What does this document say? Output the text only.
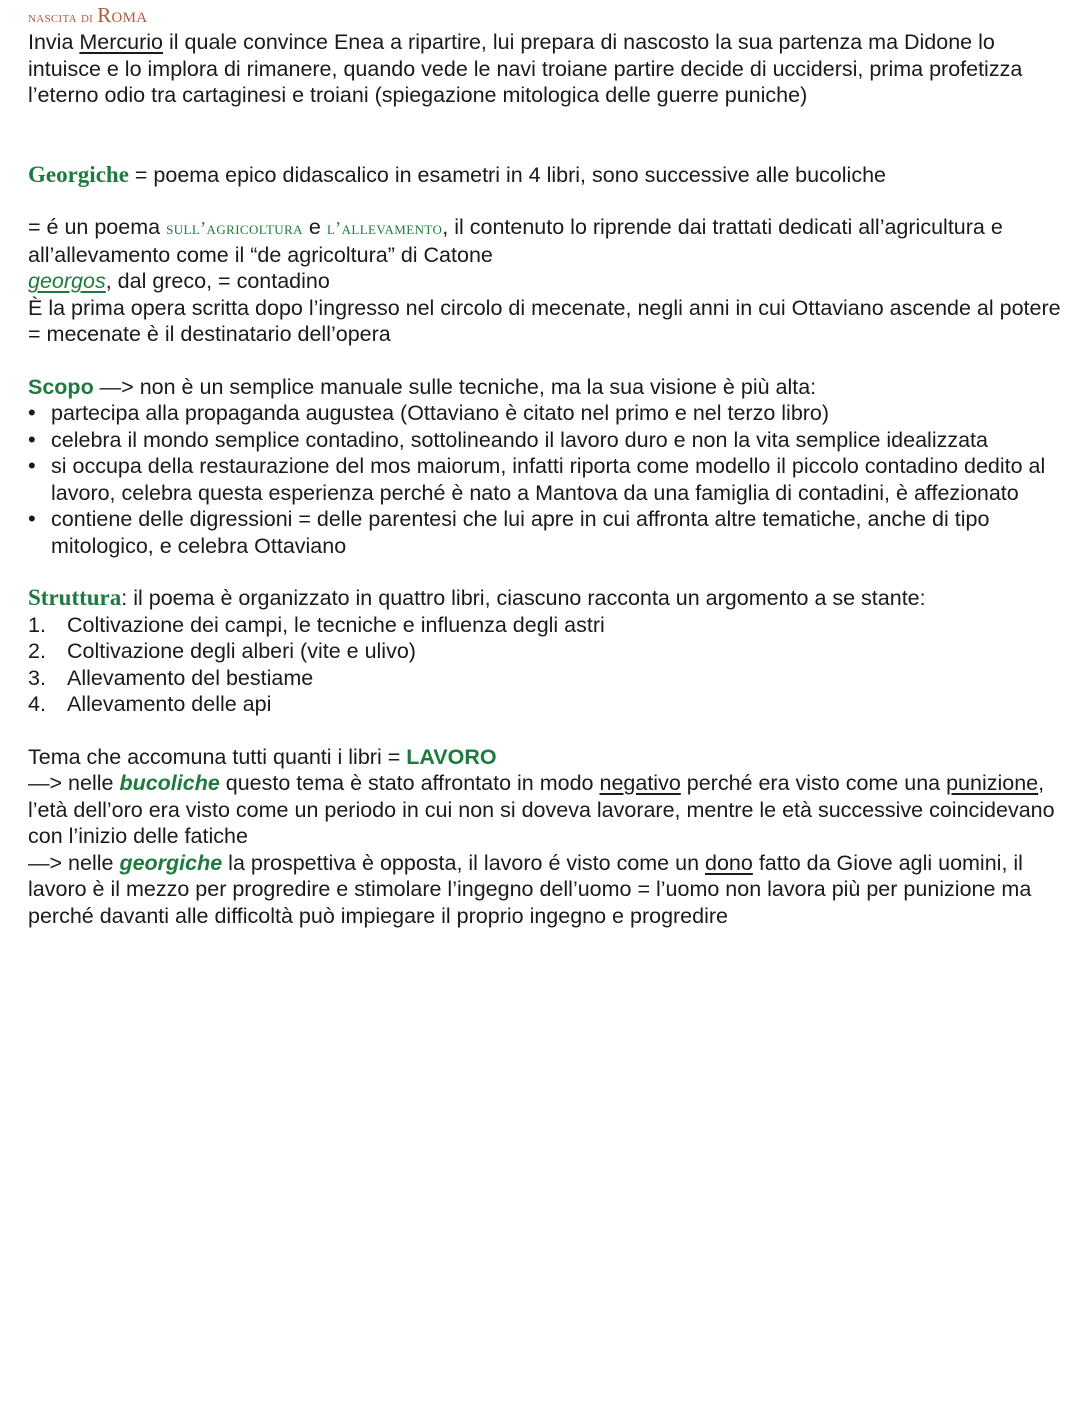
nascita di Roma

Invia Mercurio il quale convince Enea a ripartire, lui prepara di nascosto la sua partenza ma Didone lo intuisce e lo implora di rimanere, quando vede le navi troiane partire decide di uccidersi, prima profetizza l’eterno odio tra cartaginesi e troiani (spiegazione mitologica delle guerre puniche)

Georgiche = poema epico didascalico in esametri in 4 libri, sono successive alle bucoliche

= é un poema sull’agricoltura e l’allevamento, il contenuto lo riprende dai trattati dedicati all’agricultura e all’allevamento come il “de agricoltura” di Catone

georgos, dal greco, = contadino

È la prima opera scritta dopo l’ingresso nel circolo di mecenate, negli anni in cui Ottaviano ascende al potere = mecenate è il destinatario dell’opera

Scopo —> non è un semplice manuale sulle tecniche, ma la sua visione è più alta:

• partecipa alla propaganda augustea (Ottaviano è citato nel primo e nel terzo libro)
• celebra il mondo semplice contadino, sottolineando il lavoro duro e non la vita semplice idealizzata
• si occupa della restaurazione del mos maiorum, infatti riporta come modello il piccolo contadino dedito al lavoro, celebra questa esperienza perché è nato a Mantova da una famiglia di contadini, è affezionato
• contiene delle digressioni = delle parentesi che lui apre in cui affronta altre tematiche, anche di tipo mitologico, e celebra Ottaviano

Struttura: il poema è organizzato in quattro libri, ciascuno racconta un argomento a se stante:

1. Coltivazione dei campi, le tecniche e influenza degli astri
2. Coltivazione degli alberi (vite e ulivo)
3. Allevamento del bestiame
4. Allevamento delle api

Tema che accomuna tutti quanti i libri = LAVORO

—> nelle bucoliche questo tema è stato affrontato in modo negativo perché era visto come una punizione, l’età dell’oro era visto come un periodo in cui non si doveva lavorare, mentre le età successive coincidevano con l’inizio delle fatiche

—> nelle georgiche la prospettiva è opposta, il lavoro é visto come un dono fatto da Giove agli uomini, il lavoro è il mezzo per progredire e stimolare l’ingegno dell’uomo = l’uomo non lavora più per punizione ma perché davanti alle difficoltà può impiegare il proprio ingegno e progredire
